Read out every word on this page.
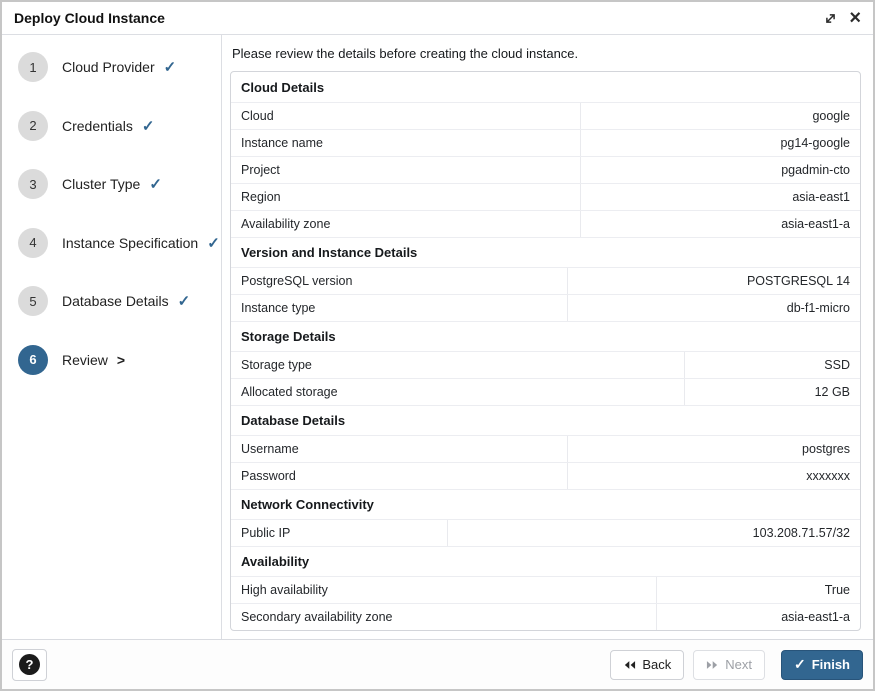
Deploy Cloud Instance	×
1	Cloud Provider ✓
2	Credentials ✓
3	Cluster Type ✓
4	Instance Specification ✓
5	Database Details ✓
6	Review >
Please review the details before creating the cloud instance.
Cloud Details
Cloud	google
Instance name	pg14-google
Project	pgadmin-cto
Region	asia-east1
Availability zone	asia-east1-a
Version and Instance Details
PostgreSQL version	POSTGRESQL 14
Instance type	db-f1-micro
Storage Details
Storage type	SSD
Allocated storage	12 GB
Database Details
Username	postgres
Password	xxxxxxx
Network Connectivity
Public IP	103.208.71.57/32
Availability
High availability	True
Secondary availability zone	asia-east1-a
?	Back	Next	✓ Finish
